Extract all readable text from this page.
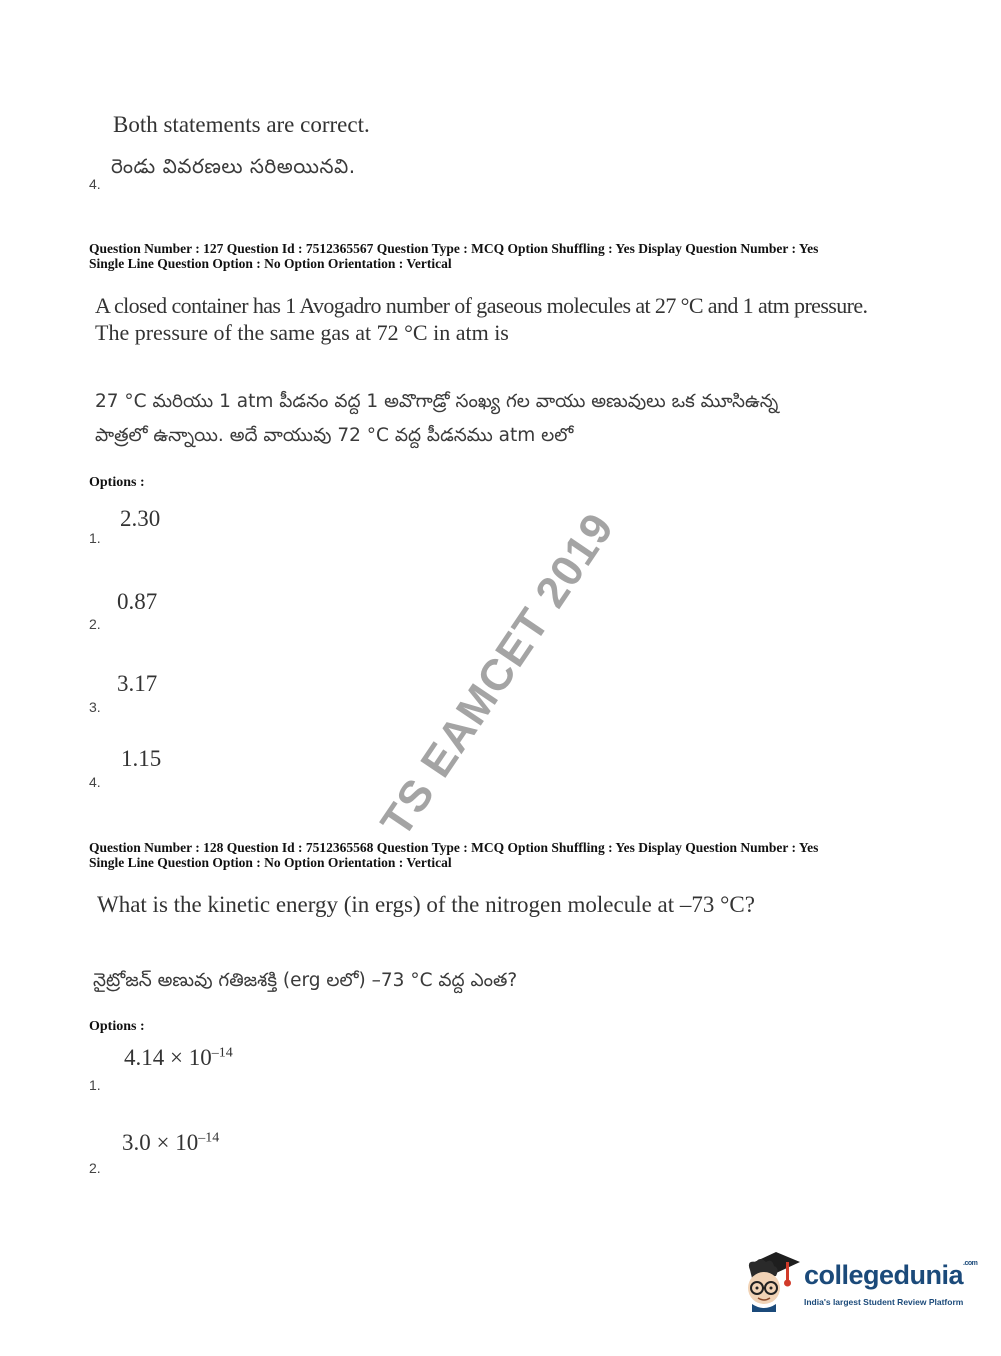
Both statements are correct.
రెండు వివరణలు సరిఅయినవి.
4.
Question Number : 127 Question Id : 7512365567 Question Type : MCQ Option Shuffling : Yes Display Question Number : Yes
Single Line Question Option : No Option Orientation : Vertical
A closed container has 1 Avogadro number of gaseous molecules at 27 °C and 1 atm pressure.
The pressure of the same gas at 72 °C in atm is
27 °C మరియు 1 atm పీడనం వద్ద 1 అవొగాడ్రో సంఖ్య గల వాయు అణువులు ఒక మూసిఉన్న
పాత్రలో ఉన్నాయి. అదే వాయువు 72 °C వద్ద పీడనము atm లలో
Options :
2.30
1.
0.87
2.
3.17
3.
1.15
4.
Question Number : 128 Question Id : 7512365568 Question Type : MCQ Option Shuffling : Yes Display Question Number : Yes
Single Line Question Option : No Option Orientation : Vertical
What is the kinetic energy (in ergs) of the nitrogen molecule at –73 °C?
నైట్రోజన్ అణువు గతిజశక్తి (erg లలో) –73 °C వద్ద ఎంత?
Options :
$4.14 \times 10^{-14}$
1.
$3.0 \times 10^{-14}$
2.
TS EAMCET 2019
collegedunia$^{.com}$
India's largest Student Review Platform
